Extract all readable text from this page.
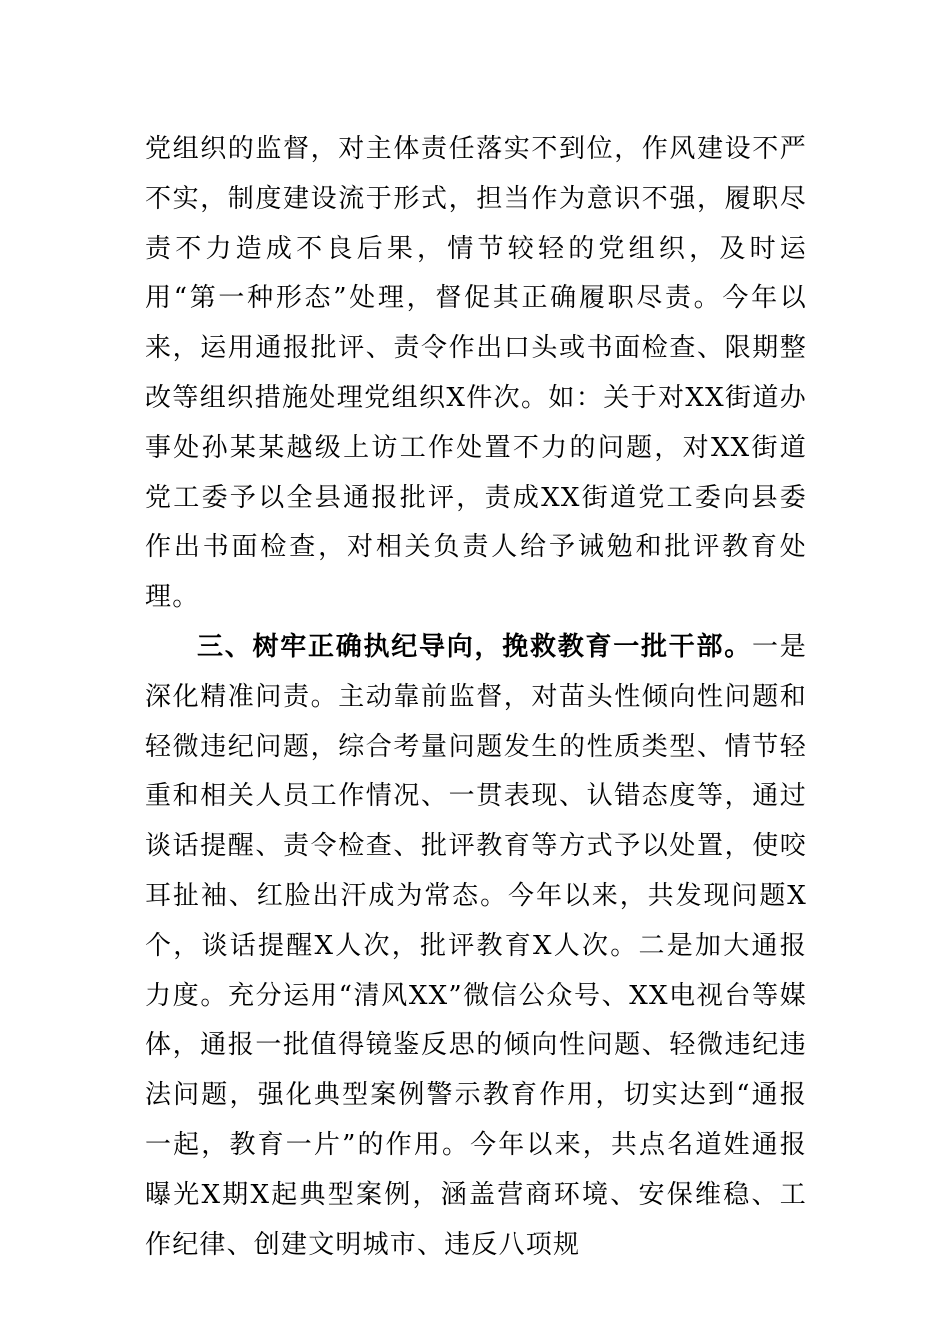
党组织的监督，对主体责任落实不到位，作风建设不严不实，制度建设流于形式，担当作为意识不强，履职尽责不力造成不良后果，情节较轻的党组织，及时运用“第一种形态”处理，督促其正确履职尽责。今年以来，运用通报批评、责令作出口头或书面检查、限期整改等组织措施处理党组织X件次。如：关于对XX街道办事处孙某某越级上访工作处置不力的问题，对XX街道党工委予以全县通报批评，责成XX街道党工委向县委作出书面检查，对相关负责人给予诫勉和批评教育处理。

三、树牢正确执纪导向，挽救教育一批干部。一是深化精准问责。主动靠前监督，对苗头性倾向性问题和轻微违纪问题，综合考量问题发生的性质类型、情节轻重和相关人员工作情况、一贯表现、认错态度等，通过谈话提醒、责令检查、批评教育等方式予以处置，使咬耳扯袖、红脸出汗成为常态。今年以来，共发现问题X个，谈话提醒X人次，批评教育X人次。二是加大通报力度。充分运用“清风XX”微信公众号、XX电视台等媒体，通报一批值得镜鉴反思的倾向性问题、轻微违纪违法问题，强化典型案例警示教育作用，切实达到“通报一起，教育一片”的作用。今年以来，共点名道姓通报曝光X期X起典型案例，涵盖营商环境、安保维稳、工作纪律、创建文明城市、违反八项规
